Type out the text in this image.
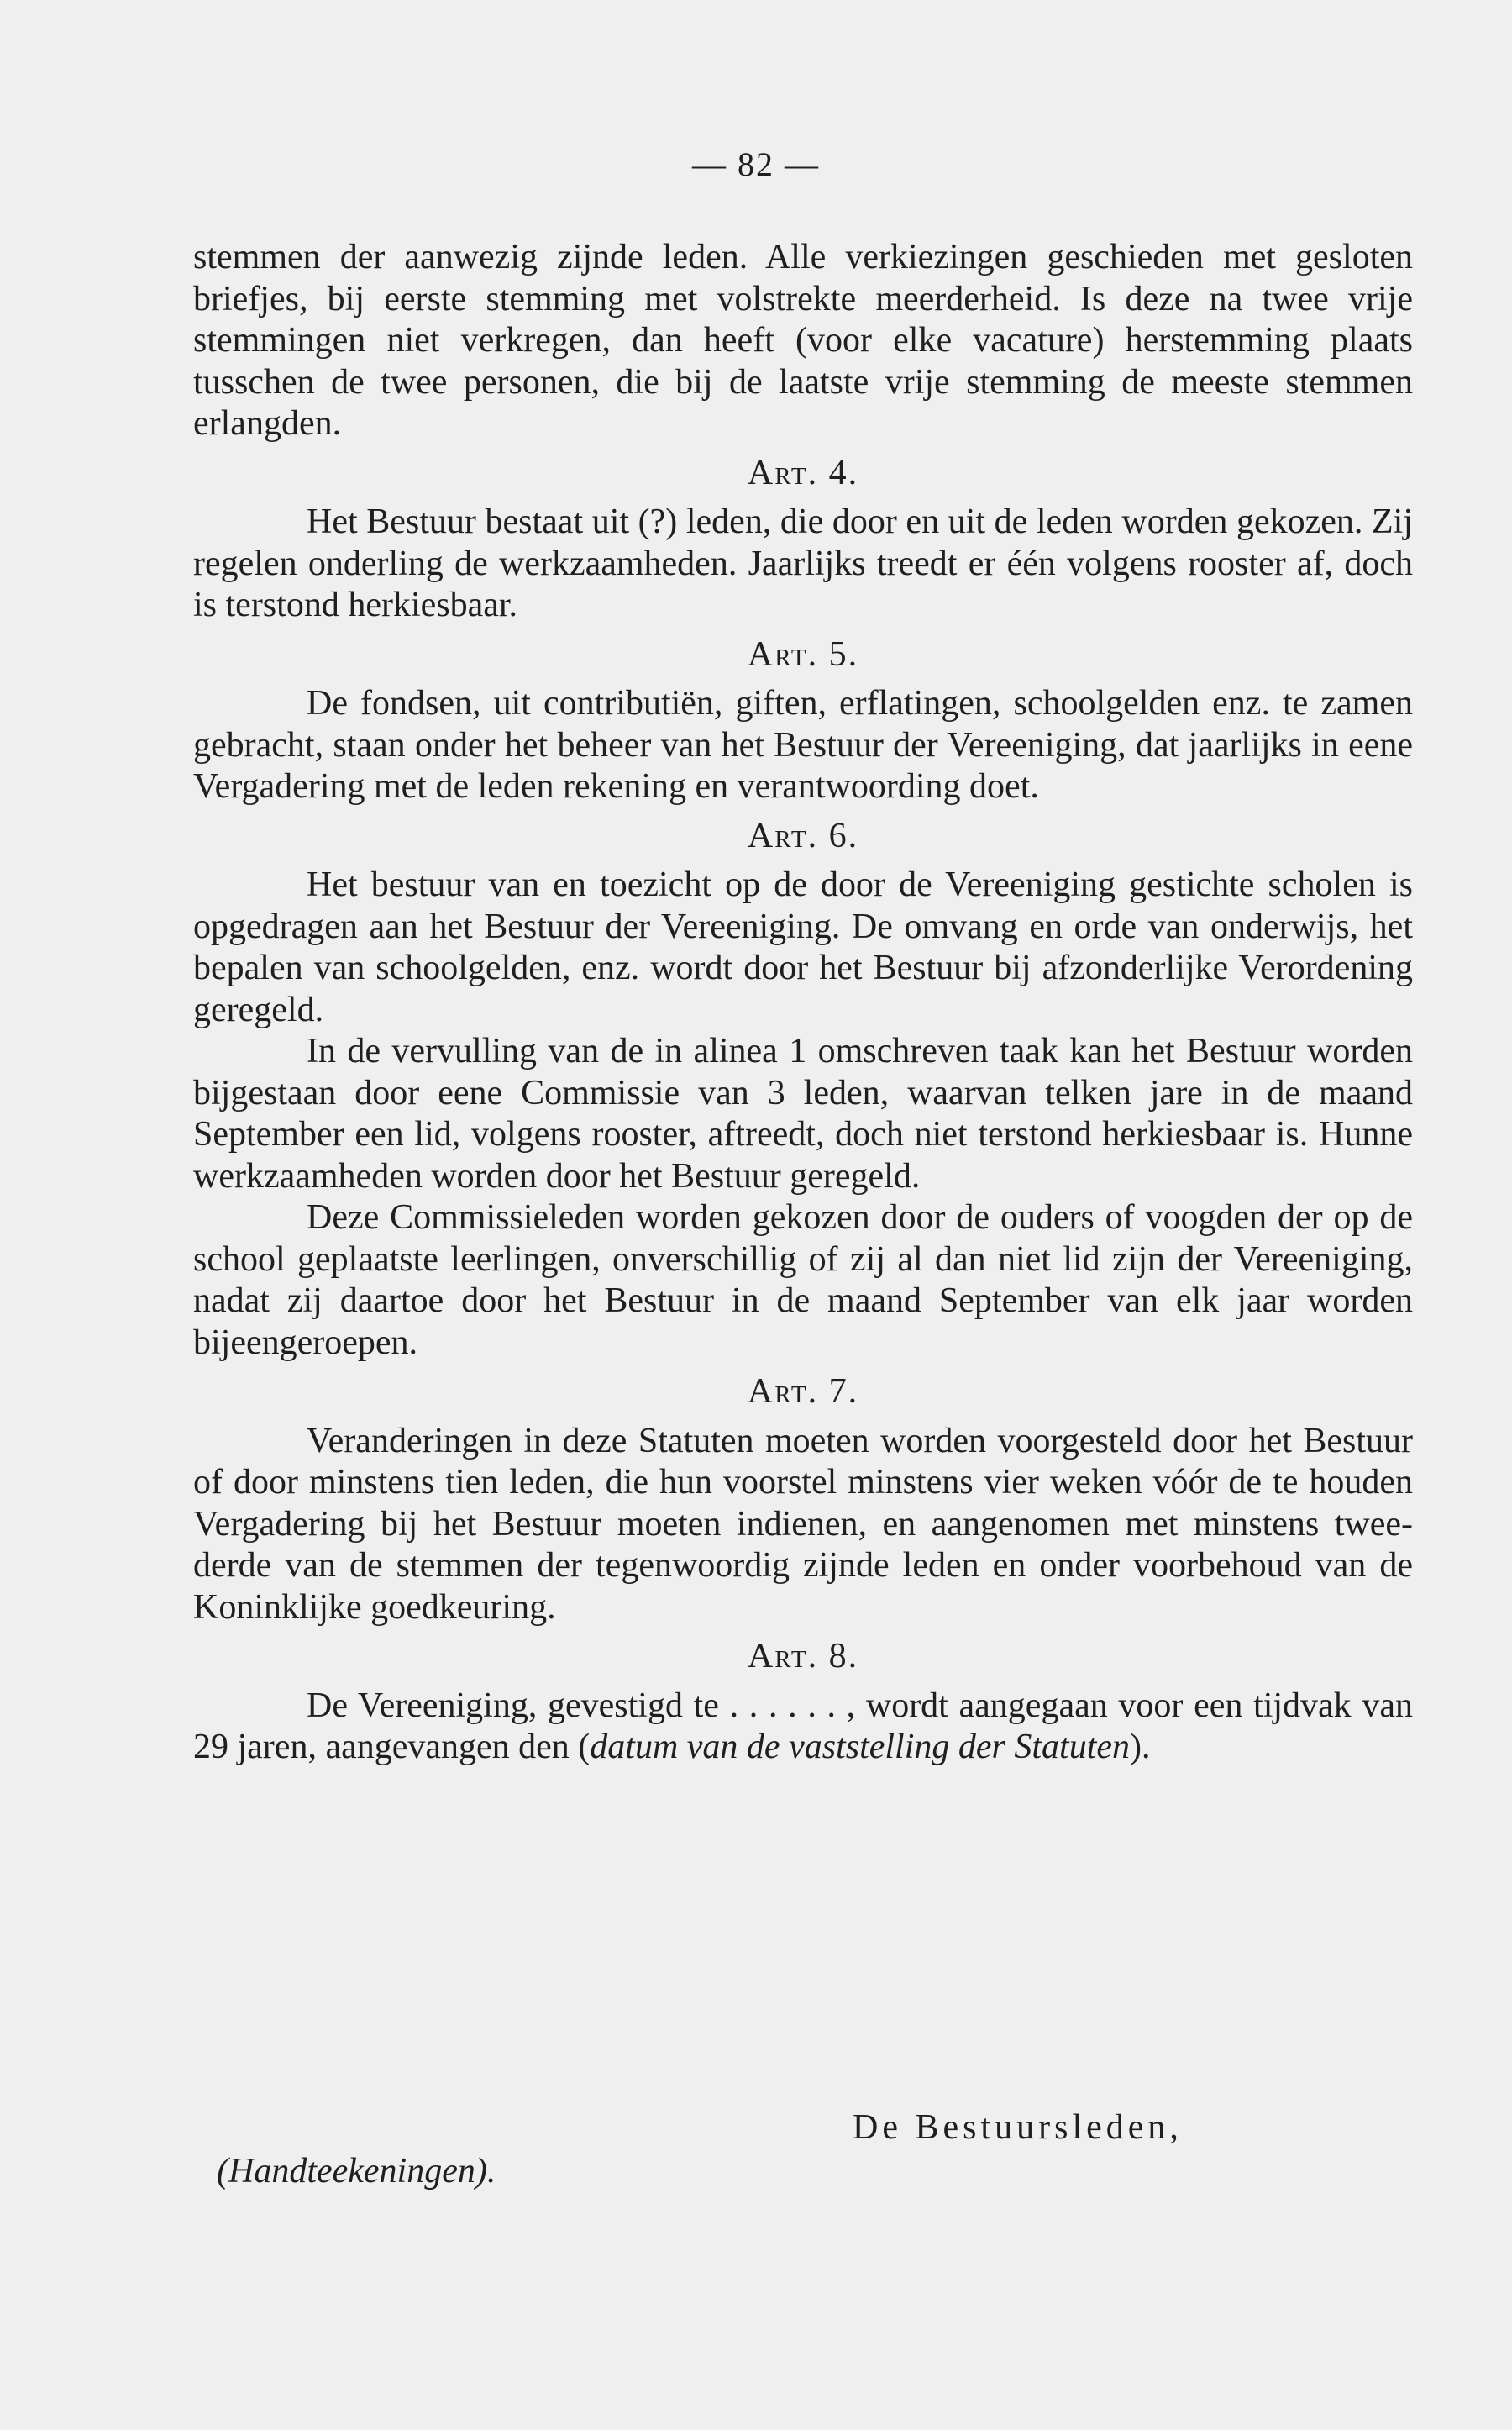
— 82 —

stemmen der aanwezig zijnde leden. Alle verkiezingen geschieden met gesloten briefjes, bij eerste stemming met volstrekte meerderheid. Is deze na twee vrije stemmingen niet verkregen, dan heeft (voor elke vacature) herstemming plaats tusschen de twee personen, die bij de laatste vrije stemming de meeste stemmen erlangden.

Art. 4.

Het Bestuur bestaat uit (?) leden, die door en uit de leden worden gekozen. Zij regelen onderling de werkzaamheden. Jaarlijks treedt er één volgens rooster af, doch is terstond herkiesbaar.

Art. 5.

De fondsen, uit contributiën, giften, erflatingen, schoolgelden enz. te zamen gebracht, staan onder het beheer van het Bestuur der Vereeniging, dat jaarlijks in eene Vergadering met de leden rekening en verantwoording doet.

Art. 6.

Het bestuur van en toezicht op de door de Vereeniging gestichte scholen is opgedragen aan het Bestuur der Vereeniging. De omvang en orde van onderwijs, het bepalen van schoolgelden, enz. wordt door het Bestuur bij afzonderlijke Verordening geregeld.

In de vervulling van de in alinea 1 omschreven taak kan het Bestuur worden bijgestaan door eene Commissie van 3 leden, waarvan telken jare in de maand September een lid, volgens rooster, aftreedt, doch niet terstond herkiesbaar is. Hunne werkzaamheden worden door het Bestuur geregeld.

Deze Commissieleden worden gekozen door de ouders of voogden der op de school geplaatste leerlingen, onverschillig of zij al dan niet lid zijn der Vereeniging, nadat zij daartoe door het Bestuur in de maand September van elk jaar worden bijeengeroepen.

Art. 7.

Veranderingen in deze Statuten moeten worden voorgesteld door het Bestuur of door minstens tien leden, die hun voorstel minstens vier weken vóór de te houden Vergadering bij het Bestuur moeten indienen, en aangenomen met minstens twee-derde van de stemmen der tegenwoordig zijnde leden en onder voorbehoud van de Koninklijke goedkeuring.

Art. 8.

De Vereeniging, gevestigd te . . . . . . , wordt aangegaan voor een tijdvak van 29 jaren, aangevangen den (datum van de vaststelling der Statuten).

De Bestuursleden,
(Handteekeningen).
